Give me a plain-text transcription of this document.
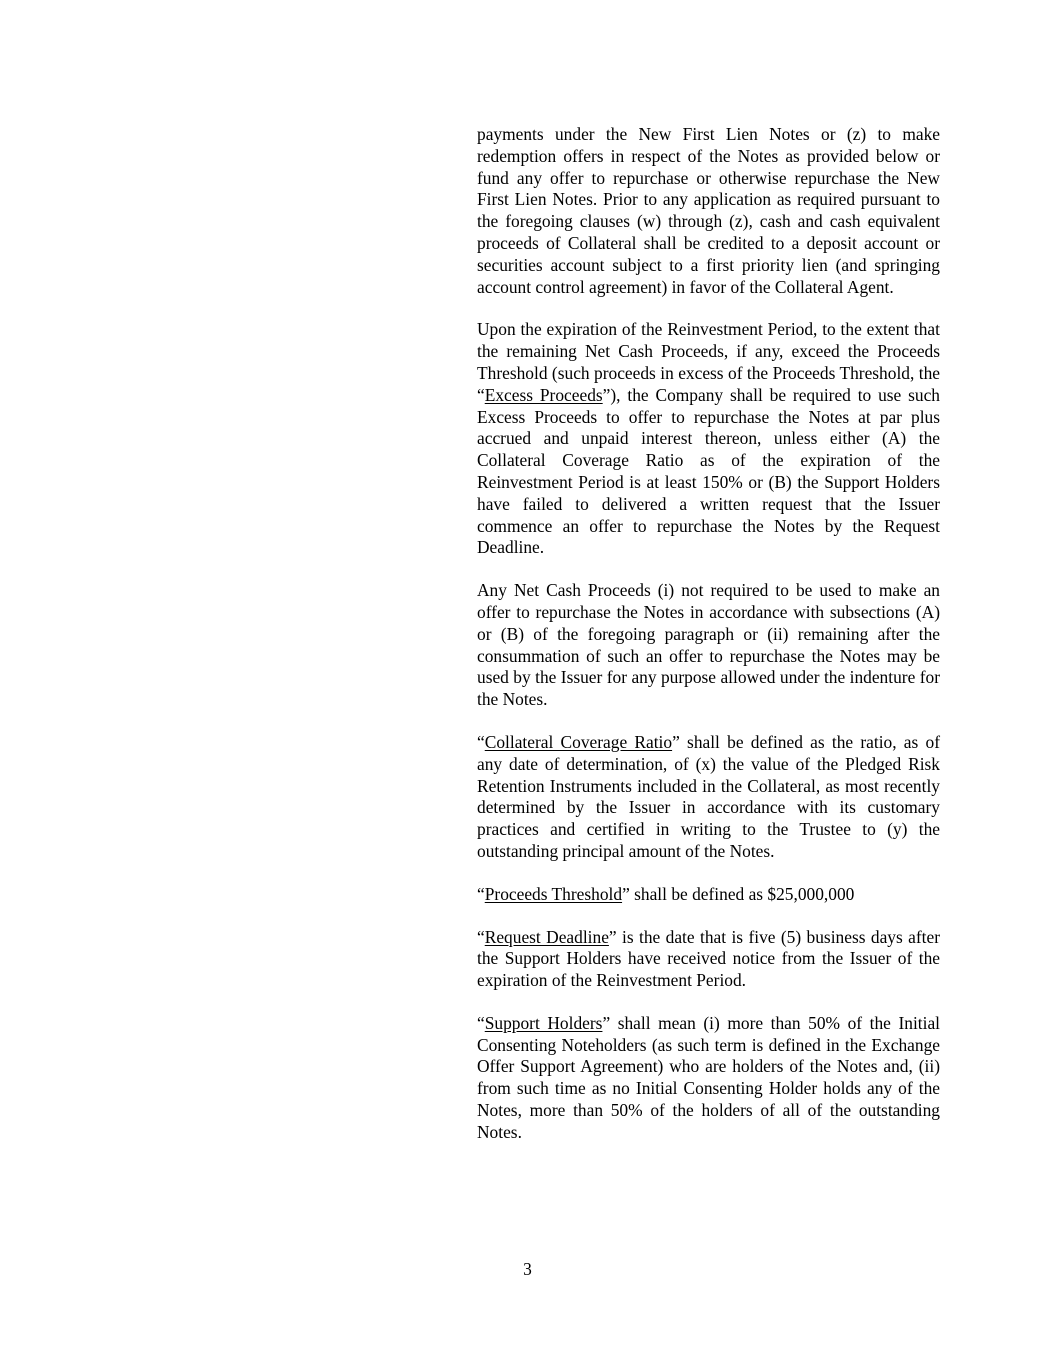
payments under the New First Lien Notes or (z) to make redemption offers in respect of the Notes as provided below or fund any offer to repurchase or otherwise repurchase the New First Lien Notes. Prior to any application as required pursuant to the foregoing clauses (w) through (z), cash and cash equivalent proceeds of Collateral shall be credited to a deposit account or securities account subject to a first priority lien (and springing account control agreement) in favor of the Collateral Agent.

Upon the expiration of the Reinvestment Period, to the extent that the remaining Net Cash Proceeds, if any, exceed the Proceeds Threshold (such proceeds in excess of the Proceeds Threshold, the “Excess Proceeds”), the Company shall be required to use such Excess Proceeds to offer to repurchase the Notes at par plus accrued and unpaid interest thereon, unless either (A) the Collateral Coverage Ratio as of the expiration of the Reinvestment Period is at least 150% or (B) the Support Holders have failed to delivered a written request that the Issuer commence an offer to repurchase the Notes by the Request Deadline.

Any Net Cash Proceeds (i) not required to be used to make an offer to repurchase the Notes in accordance with subsections (A) or (B) of the foregoing paragraph or (ii) remaining after the consummation of such an offer to repurchase the Notes may be used by the Issuer for any purpose allowed under the indenture for the Notes.

“Collateral Coverage Ratio” shall be defined as the ratio, as of any date of determination, of (x) the value of the Pledged Risk Retention Instruments included in the Collateral, as most recently determined by the Issuer in accordance with its customary practices and certified in writing to the Trustee to (y) the outstanding principal amount of the Notes.

“Proceeds Threshold” shall be defined as $25,000,000

“Request Deadline” is the date that is five (5) business days after the Support Holders have received notice from the Issuer of the expiration of the Reinvestment Period.

“Support Holders” shall mean (i) more than 50% of the Initial Consenting Noteholders (as such term is defined in the Exchange Offer Support Agreement) who are holders of the Notes and, (ii) from such time as no Initial Consenting Holder holds any of the Notes, more than 50% of the holders of all of the outstanding Notes.

3
